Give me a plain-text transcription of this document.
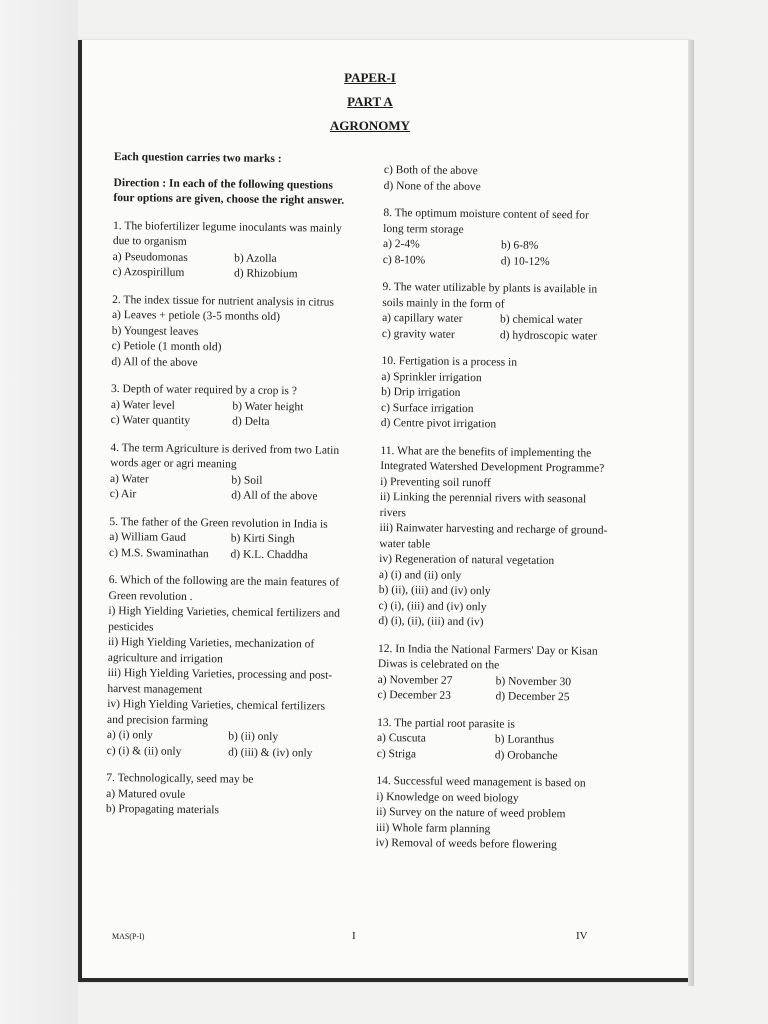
PAPER-I
PART A
AGRONOMY
Each question carries two marks :
Direction : In each of the following questions four options are given, choose the right answer.
1. The biofertilizer legume inoculants was mainly due to organism
a) Pseudomonas	b) Azolla
c) Azospirillum	d) Rhizobium
2. The index tissue for nutrient analysis in citrus
a) Leaves + petiole (3-5 months old)
b) Youngest leaves
c) Petiole (1 month old)
d) All of the above
3. Depth of water required by a crop is ?
a) Water level	b) Water height
c) Water quantity	d) Delta
4. The term Agriculture is derived from two Latin words ager or agri meaning
a) Water	b) Soil
c) Air	d) All of the above
5. The father of the Green revolution in India is
a) William Gaud	b) Kirti Singh
c) M.S. Swaminathan	d) K.L. Chaddha
6. Which of the following are the main features of Green revolution .
i) High Yielding Varieties, chemical fertilizers and pesticides
ii) High Yielding Varieties, mechanization of agriculture and irrigation
iii) High Yielding Varieties, processing and post-harvest management
iv) High Yielding Varieties, chemical fertilizers and precision farming
a) (i) only	b) (ii) only
c) (i) & (ii) only	d) (iii) & (iv) only
7. Technologically, seed may be
a) Matured ovule
b) Propagating materials
c) Both of the above
d) None of the above
8. The optimum moisture content of seed for long term storage
a) 2-4%	b) 6-8%
c) 8-10%	d) 10-12%
9. The water utilizable by plants is available in soils mainly in the form of
a) capillary water	b) chemical water
c) gravity water	d) hydroscopic water
10. Fertigation is a process in
a) Sprinkler irrigation
b) Drip irrigation
c) Surface irrigation
d) Centre pivot irrigation
11. What are the benefits of implementing the Integrated Watershed Development Programme?
i) Preventing soil runoff
ii) Linking the perennial rivers with seasonal rivers
iii) Rainwater harvesting and recharge of ground-water table
iv) Regeneration of natural vegetation
a) (i) and (ii) only
b) (ii), (iii) and (iv) only
c) (i), (iii) and (iv) only
d) (i), (ii), (iii) and (iv)
12. In India the National Farmers' Day or Kisan Diwas is celebrated on the
a) November 27	b) November 30
c) December 23	d) December 25
13. The partial root parasite is
a) Cuscuta	b) Loranthus
c) Striga	d) Orobanche
14. Successful weed management is based on
i) Knowledge on weed biology
ii) Survey on the nature of weed problem
iii) Whole farm planning
iv) Removal of weeds before flowering
MAS(P-I)	I	IV
